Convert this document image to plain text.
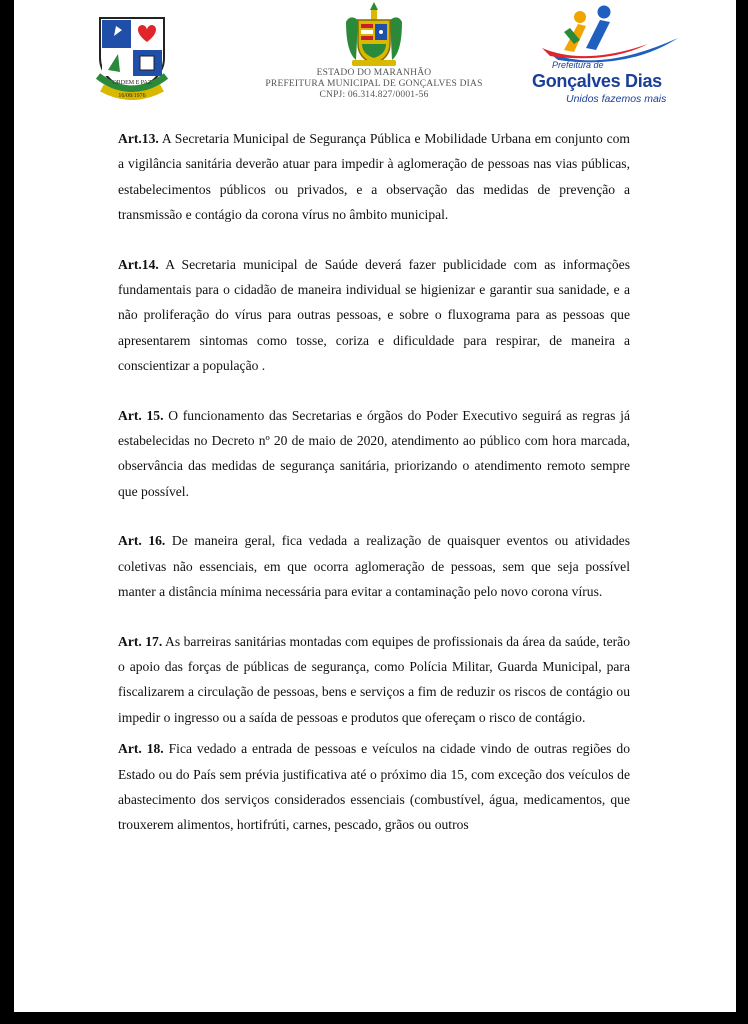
ORDEM E PAZ
16/08/1976
ESTADO DO MARANHÃO
PREFEITURA MUNICIPAL DE GONÇALVES DIAS
CNPJ: 06.314.827/0001-56
Prefeitura de
Gonçalves Dias
Unidos fazemos mais

Art.13. A Secretaria Municipal de Segurança Pública e Mobilidade Urbana em conjunto com a vigilância sanitária deverão atuar para impedir à aglomeração de pessoas nas vias públicas, estabelecimentos públicos ou privados, e a observação das medidas de prevenção a transmissão e contágio da corona vírus no âmbito municipal.

Art.14. A Secretaria municipal de Saúde deverá fazer publicidade com as informações fundamentais para o cidadão de maneira individual se higienizar e garantir sua sanidade, e a não proliferação do vírus para outras pessoas, e sobre o fluxograma para as pessoas que apresentarem sintomas como tosse, coriza e dificuldade para respirar, de maneira a conscientizar a população .

Art. 15. O funcionamento das Secretarias e órgãos do Poder Executivo seguirá as regras já estabelecidas no Decreto nº 20 de maio de 2020, atendimento ao público com hora marcada, observância das medidas de segurança sanitária, priorizando o atendimento remoto sempre que possível.

Art. 16. De maneira geral, fica vedada a realização de quaisquer eventos ou atividades coletivas não essenciais, em que ocorra aglomeração de pessoas, sem que seja possível manter a distância mínima necessária para evitar a contaminação pelo novo corona vírus.

Art. 17. As barreiras sanitárias montadas com equipes de profissionais da área da saúde, terão o apoio das forças de públicas de segurança, como Polícia Militar, Guarda Municipal, para fiscalizarem a circulação de pessoas, bens e serviços a fim de reduzir os riscos de contágio ou impedir o ingresso ou a saída de pessoas e produtos que ofereçam o risco de contágio.

Art. 18. Fica vedado a entrada de pessoas e veículos na cidade vindo de outras regiões do Estado ou do País sem prévia justificativa até o próximo dia 15, com exceção dos veículos de abastecimento dos serviços considerados essenciais (combustível, água, medicamentos, que trouxerem alimentos, hortifrúti, carnes, pescado, grãos ou outros
